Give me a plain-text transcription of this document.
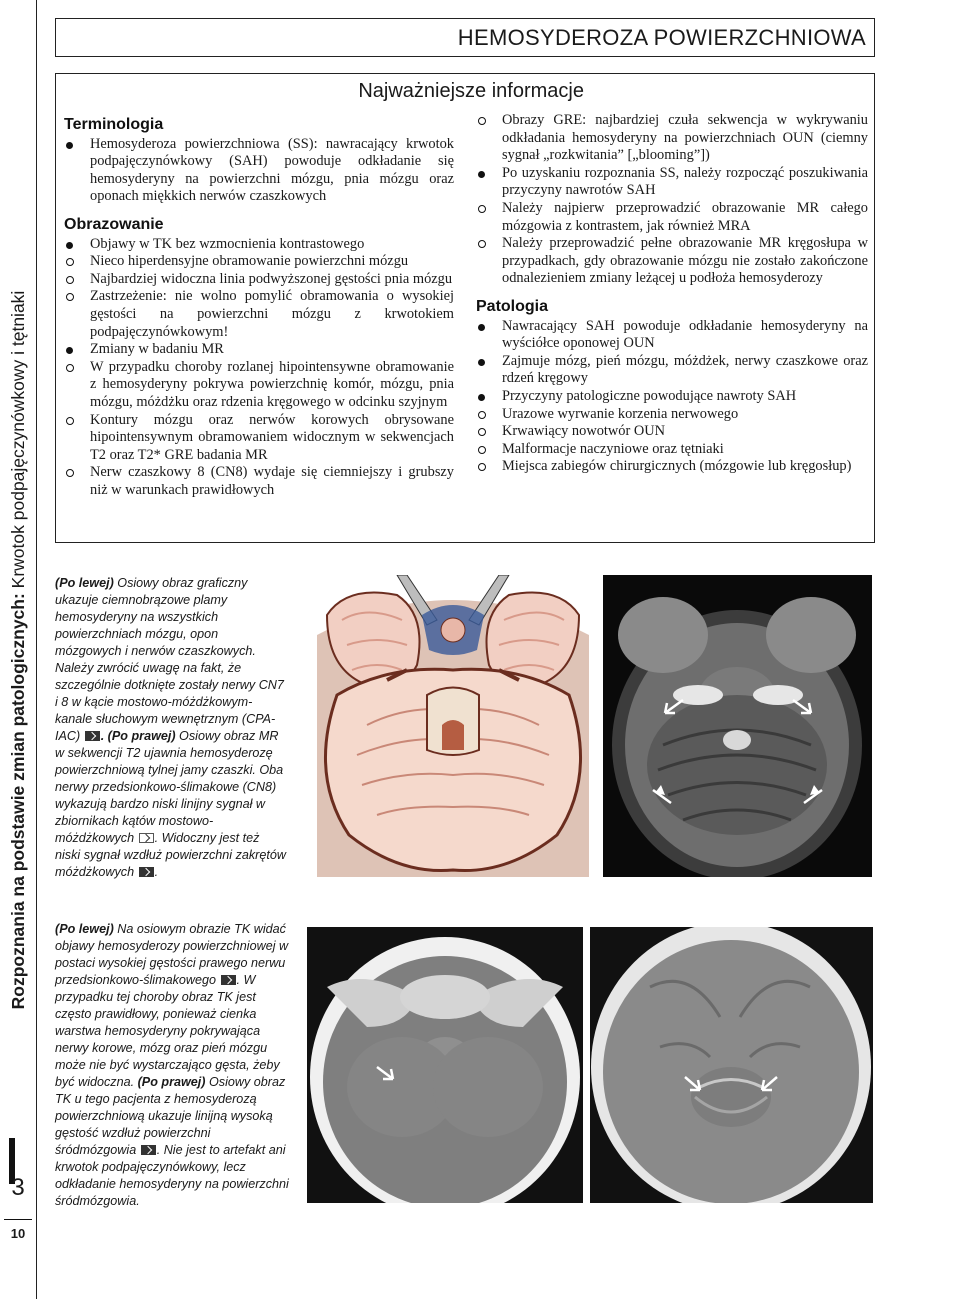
Rozpoznania na podstawie zmian patologicznych: Krwotok podpajęczynówkowy i tętniaki
3
10
HEMOSYDEROZA POWIERZCHNIOWA
Najważniejsze informacje
Terminologia
Hemosyderoza powierzchniowa (SS): nawracający krwotok podpajęczynówkowy (SAH) powoduje odkładanie się hemosyderyny na powierzchni mózgu, pnia mózgu oraz oponach miękkich nerwów czaszkowych
Obrazowanie
Objawy w TK bez wzmocnienia kontrastowego
Nieco hiperdensyjne obramowanie powierzchni mózgu
Najbardziej widoczna linia podwyższonej gęstości pnia mózgu
Zastrzeżenie: nie wolno pomylić obramowania o wysokiej gęstości na powierzchni mózgu z krwotokiem podpajęczynówkowym!
Zmiany w badaniu MR
W przypadku choroby rozlanej hipointensywne obramowanie z hemosyderyny pokrywa powierzchnię komór, mózgu, pnia mózgu, móżdżku oraz rdzenia kręgowego w odcinku szyjnym
Kontury mózgu oraz nerwów korowych obrysowane hipointensywnym obramowaniem widocznym w sekwencjach T2 oraz T2* GRE badania MR
Nerw czaszkowy 8 (CN8) wydaje się ciemniejszy i grubszy niż w warunkach prawidłowych
Obrazy GRE: najbardziej czuła sekwencja w wykrywaniu odkładania hemosyderyny na powierzchniach OUN (ciemny sygnał „rozkwitania” [„blooming”])
Po uzyskaniu rozpoznania SS, należy rozpocząć poszukiwania przyczyny nawrotów SAH
Należy najpierw przeprowadzić obrazowanie MR całego mózgowia z kontrastem, jak również MRA
Należy przeprowadzić pełne obrazowanie MR kręgosłupa w przypadkach, gdy obrazowanie mózgu nie zostało zakończone odnalezieniem zmiany leżącej u podłoża hemosyderozy
Patologia
Nawracający SAH powoduje odkładanie hemosyderyny na wyściółce oponowej OUN
Zajmuje mózg, pień mózgu, móżdżek, nerwy czaszkowe oraz rdzeń kręgowy
Przyczyny patologiczne powodujące nawroty SAH
Urazowe wyrwanie korzenia nerwowego
Krwawiący nowotwór OUN
Malformacje naczyniowe oraz tętniaki
Miejsca zabiegów chirurgicznych (mózgowie lub kręgosłup)
(Po lewej) Osiowy obraz graficzny ukazuje ciemnobrązowe plamy hemosyderyny na wszystkich powierzchniach mózgu, opon mózgowych i nerwów czaszkowych. Należy zwrócić uwagę na fakt, że szczególnie dotknięte zostały nerwy CN7 i 8 w kącie mostowo-móżdżkowym-kanale słuchowym wewnętrznym (CPA-IAC) . (Po prawej) Osiowy obraz MR w sekwencji T2 ujawnia hemosyderozę powierzchniową tylnej jamy czaszki. Oba nerwy przedsionkowo-ślimakowe (CN8) wykazują bardzo niski linijny sygnał w zbiornikach kątów mostowo-móżdżkowych . Widoczny jest też niski sygnał wzdłuż powierzchni zakrętów móżdżkowych .
(Po lewej) Na osiowym obrazie TK widać objawy hemosyderozy powierzchniowej w postaci wysokiej gęstości prawego nerwu przedsionkowo-ślimakowego . W przypadku tej choroby obraz TK jest często prawidłowy, ponieważ cienka warstwa hemosyderyny pokrywająca nerwy korowe, mózg oraz pień mózgu może nie być wystarczająco gęsta, żeby być widoczna. (Po prawej) Osiowy obraz TK u tego pacjenta z hemosyderozą powierzchniową ukazuje linijną wysoką gęstość wzdłuż powierzchni śródmózgowia . Nie jest to artefakt ani krwotok podpajęczynówkowy, lecz odkładanie hemosyderyny na powierzchni śródmózgowia.
